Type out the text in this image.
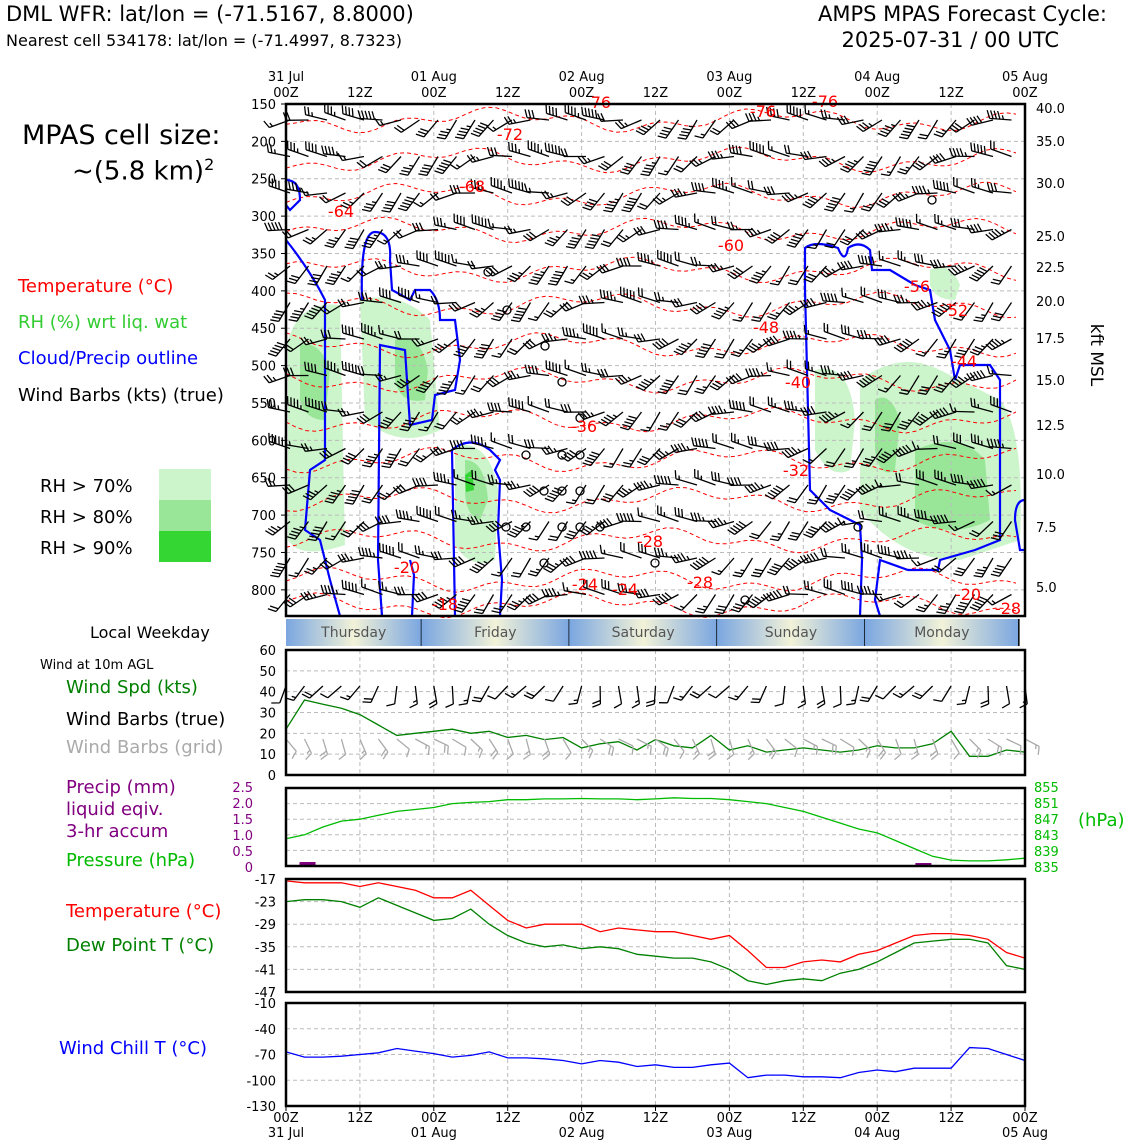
DML WFR: lat/lon = (-71.5167, 8.8000)
Nearest cell 534178: lat/lon = (-71.4997, 8.7323)
AMPS MPAS Forecast Cycle:
2025-07-31 / 00 UTC
MPAS cell size:
~(5.8 km)$^2$
31 Jul	01 Aug	02 Aug	03 Aug	04 Aug	05 Aug
00Z	12Z	00Z	12Z	00Z	12Z	00Z	12Z	00Z	12Z	00Z
-76	-76
-76
-72
-68
-64
-60
-56
-52
-48
-44
-40
-36
-32
-28
-28
-24 -24
-20
-18
-20
-28
150
200
250
300
350
400
450
500
550
600
650
700
750
800
40.0
35.0
30.0
25.0
22.5
20.0
17.5
15.0
12.5
10.0
7.5
5.0
kft MSL
Temperature (°C)
RH (%) wrt liq. wat
Cloud/Precip outline
Wind Barbs (kts) (true)
RH > 70%
RH > 80%
RH > 90%
Local Weekday	Thursday	Friday	Saturday	Sunday	Monday
0
10
20
30
40
50
60
Wind at 10m AGL
Wind Spd (kts)
Wind Barbs (true)
Wind Barbs (grid)
2.5
2.0
1.5
1.0
0.5
0
855
851
847
843
839
835
(hPa)
Precip (mm)
liquid eqiv.
3-hr accum
Pressure (hPa)
-17
-23
-29
-35
-41
-47
Temperature (°C)
Dew Point T (°C)
-10
-40
-70
-100
-130
Wind Chill T (°C)
00Z	12Z	00Z	12Z	00Z	12Z	00Z	12Z	00Z	12Z	00Z
31 Jul	01 Aug	02 Aug	03 Aug	04 Aug	05 Aug
